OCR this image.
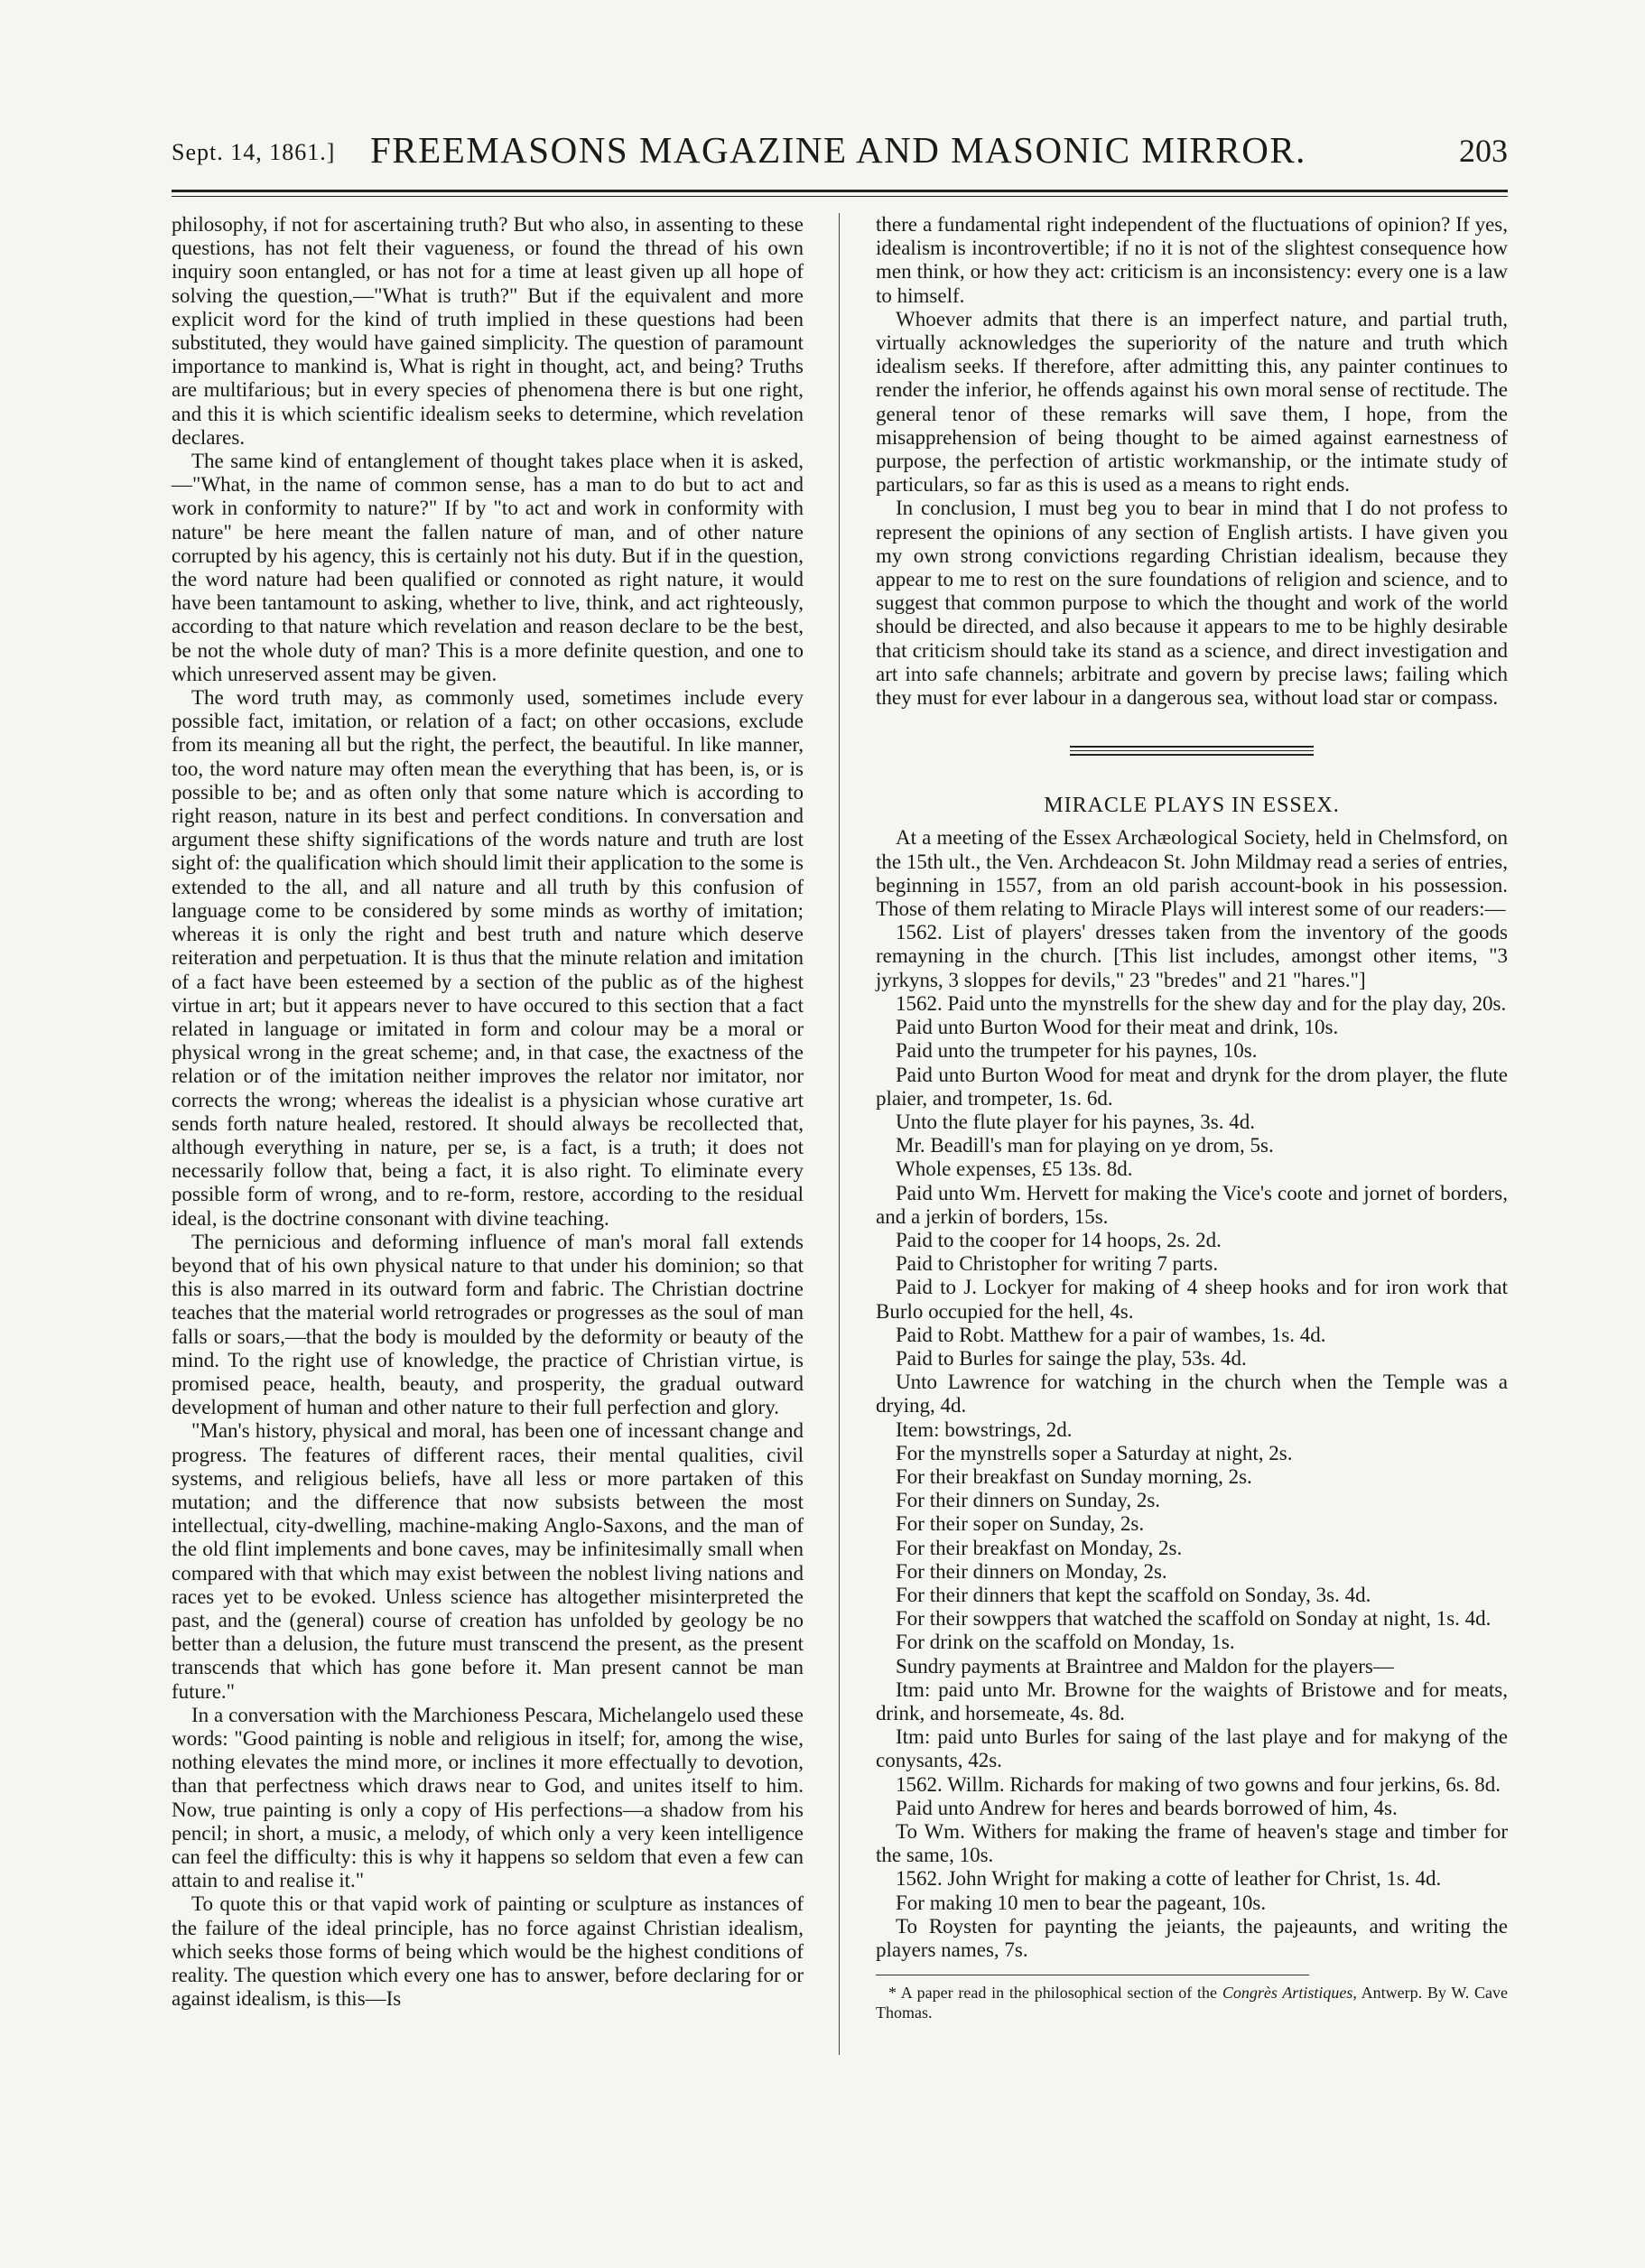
Sept. 14, 1861.] FREEMASONS MAGAZINE AND MASONIC MIRROR.	203

philosophy, if not for ascertaining truth? But who also, in assenting to these questions, has not felt their vagueness, or found the thread of his own inquiry soon entangled, or has not for a time at least given up all hope of solving the question,—"What is truth?" But if the equivalent and more explicit word for the kind of truth implied in these questions had been substituted, they would have gained simplicity. The question of paramount importance to mankind is, What is right in thought, act, and being? Truths are multifarious; but in every species of phenomena there is but one right, and this it is which scientific idealism seeks to determine, which revelation declares.

The same kind of entanglement of thought takes place when it is asked,—"What, in the name of common sense, has a man to do but to act and work in conformity to nature?" If by "to act and work in conformity with nature" be here meant the fallen nature of man, and of other nature corrupted by his agency, this is certainly not his duty. But if in the question, the word nature had been qualified or connoted as right nature, it would have been tantamount to asking, whether to live, think, and act righteously, according to that nature which revelation and reason declare to be the best, be not the whole duty of man? This is a more definite question, and one to which unreserved assent may be given.

The word truth may, as commonly used, sometimes include every possible fact, imitation, or relation of a fact; on other occasions, exclude from its meaning all but the right, the perfect, the beautiful. In like manner, too, the word nature may often mean the everything that has been, is, or is possible to be; and as often only that some nature which is according to right reason, nature in its best and perfect conditions. In conversation and argument these shifty significations of the words nature and truth are lost sight of: the qualification which should limit their application to the some is extended to the all, and all nature and all truth by this confusion of language come to be considered by some minds as worthy of imitation; whereas it is only the right and best truth and nature which deserve reiteration and perpetuation. It is thus that the minute relation and imitation of a fact have been esteemed by a section of the public as of the highest virtue in art; but it appears never to have occured to this section that a fact related in language or imitated in form and colour may be a moral or physical wrong in the great scheme; and, in that case, the exactness of the relation or of the imitation neither improves the relator nor imitator, nor corrects the wrong; whereas the idealist is a physician whose curative art sends forth nature healed, restored. It should always be recollected that, although everything in nature, per se, is a fact, is a truth; it does not necessarily follow that, being a fact, it is also right. To eliminate every possible form of wrong, and to re-form, restore, according to the residual ideal, is the doctrine consonant with divine teaching.

The pernicious and deforming influence of man's moral fall extends beyond that of his own physical nature to that under his dominion; so that this is also marred in its outward form and fabric. The Christian doctrine teaches that the material world retrogrades or progresses as the soul of man falls or soars,—that the body is moulded by the deformity or beauty of the mind. To the right use of knowledge, the practice of Christian virtue, is promised peace, health, beauty, and prosperity, the gradual outward development of human and other nature to their full perfection and glory.

"Man's history, physical and moral, has been one of incessant change and progress. The features of different races, their mental qualities, civil systems, and religious beliefs, have all less or more partaken of this mutation; and the difference that now subsists between the most intellectual, city-dwelling, machine-making Anglo-Saxons, and the man of the old flint implements and bone caves, may be infinitesimally small when compared with that which may exist between the noblest living nations and races yet to be evoked. Unless science has altogether misinterpreted the past, and the (general) course of creation has unfolded by geology be no better than a delusion, the future must transcend the present, as the present transcends that which has gone before it. Man present cannot be man future."

In a conversation with the Marchioness Pescara, Michelangelo used these words: "Good painting is noble and religious in itself; for, among the wise, nothing elevates the mind more, or inclines it more effectually to devotion, than that perfectness which draws near to God, and unites itself to him. Now, true painting is only a copy of His perfections—a shadow from his pencil; in short, a music, a melody, of which only a very keen intelligence can feel the difficulty: this is why it happens so seldom that even a few can attain to and realise it."

To quote this or that vapid work of painting or sculpture as instances of the failure of the ideal principle, has no force against Christian idealism, which seeks those forms of being which would be the highest conditions of reality. The question which every one has to answer, before declaring for or against idealism, is this—Is

there a fundamental right independent of the fluctuations of opinion? If yes, idealism is incontrovertible; if no it is not of the slightest consequence how men think, or how they act: criticism is an inconsistency: every one is a law to himself.

Whoever admits that there is an imperfect nature, and partial truth, virtually acknowledges the superiority of the nature and truth which idealism seeks. If therefore, after admitting this, any painter continues to render the inferior, he offends against his own moral sense of rectitude. The general tenor of these remarks will save them, I hope, from the misapprehension of being thought to be aimed against earnestness of purpose, the perfection of artistic workmanship, or the intimate study of particulars, so far as this is used as a means to right ends.

In conclusion, I must beg you to bear in mind that I do not profess to represent the opinions of any section of English artists. I have given you my own strong convictions regarding Christian idealism, because they appear to me to rest on the sure foundations of religion and science, and to suggest that common purpose to which the thought and work of the world should be directed, and also because it appears to me to be highly desirable that criticism should take its stand as a science, and direct investigation and art into safe channels; arbitrate and govern by precise laws; failing which they must for ever labour in a dangerous sea, without load star or compass.

MIRACLE PLAYS IN ESSEX.

At a meeting of the Essex Archæological Society, held in Chelmsford, on the 15th ult., the Ven. Archdeacon St. John Mildmay read a series of entries, beginning in 1557, from an old parish account-book in his possession. Those of them relating to Miracle Plays will interest some of our readers:—

1562. List of players' dresses taken from the inventory of the goods remayning in the church. [This list includes, amongst other items, "3 jyrkyns, 3 sloppes for devils," 23 "bredes" and 21 "hares."]

1562. Paid unto the mynstrells for the shew day and for the play day, 20s.

Paid unto Burton Wood for their meat and drink, 10s.

Paid unto the trumpeter for his paynes, 10s.

Paid unto Burton Wood for meat and drynk for the drom player, the flute plaier, and trompeter, 1s. 6d.

Unto the flute player for his paynes, 3s. 4d.

Mr. Beadill's man for playing on ye drom, 5s.

Whole expenses, £5 13s. 8d.

Paid unto Wm. Hervett for making the Vice's coote and jornet of borders, and a jerkin of borders, 15s.

Paid to the cooper for 14 hoops, 2s. 2d.

Paid to Christopher for writing 7 parts.

Paid to J. Lockyer for making of 4 sheep hooks and for iron work that Burlo occupied for the hell, 4s.

Paid to Robt. Matthew for a pair of wambes, 1s. 4d.

Paid to Burles for sainge the play, 53s. 4d.

Unto Lawrence for watching in the church when the Temple was a drying, 4d.

Item: bowstrings, 2d.

For the mynstrells soper a Saturday at night, 2s.

For their breakfast on Sunday morning, 2s.

For their dinners on Sunday, 2s.

For their soper on Sunday, 2s.

For their breakfast on Monday, 2s.

For their dinners on Monday, 2s.

For their dinners that kept the scaffold on Sonday, 3s. 4d.

For their sowppers that watched the scaffold on Sonday at night, 1s. 4d.

For drink on the scaffold on Monday, 1s.

Sundry payments at Braintree and Maldon for the players—

Itm: paid unto Mr. Browne for the waights of Bristowe and for meats, drink, and horsemeate, 4s. 8d.

Itm: paid unto Burles for saing of the last playe and for makyng of the conysants, 42s.

1562. Willm. Richards for making of two gowns and four jerkins, 6s. 8d.

Paid unto Andrew for heres and beards borrowed of him, 4s.

To Wm. Withers for making the frame of heaven's stage and timber for the same, 10s.

1562. John Wright for making a cotte of leather for Christ, 1s. 4d.

For making 10 men to bear the pageant, 10s.

To Roysten for paynting the jeiants, the pajeaunts, and writing the players names, 7s.

* A paper read in the philosophical section of the Congrès Artistiques, Antwerp. By W. Cave Thomas.
